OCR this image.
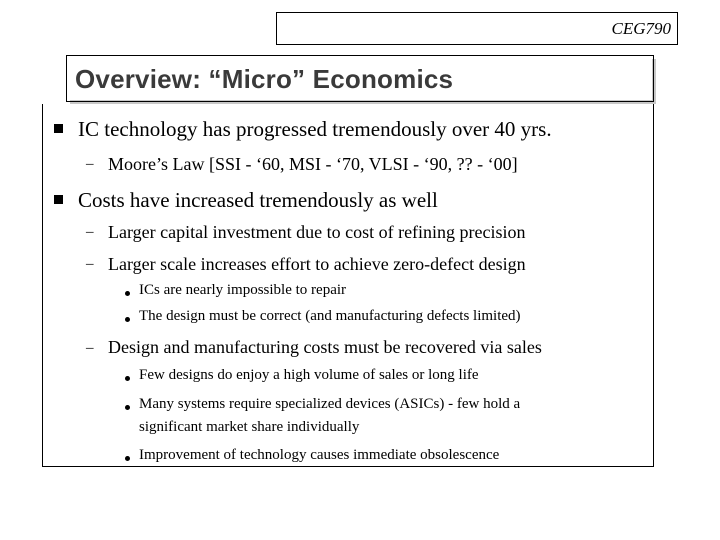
CEG790
Overview: “Micro” Economics
IC technology has progressed tremendously over 40 yrs.
– Moore’s Law [SSI - ‘60, MSI - ‘70, VLSI - ‘90, ?? - ‘00]
Costs have increased tremendously as well
– Larger capital investment due to cost of refining precision
– Larger scale increases effort to achieve zero-defect design
ICs are nearly impossible to repair
The design must be correct (and manufacturing defects limited)
– Design and manufacturing costs must be recovered via sales
Few designs do enjoy a high volume of sales or long life
Many systems require specialized devices (ASICs) - few hold a
significant market share individually
Improvement of technology causes immediate obsolescence
